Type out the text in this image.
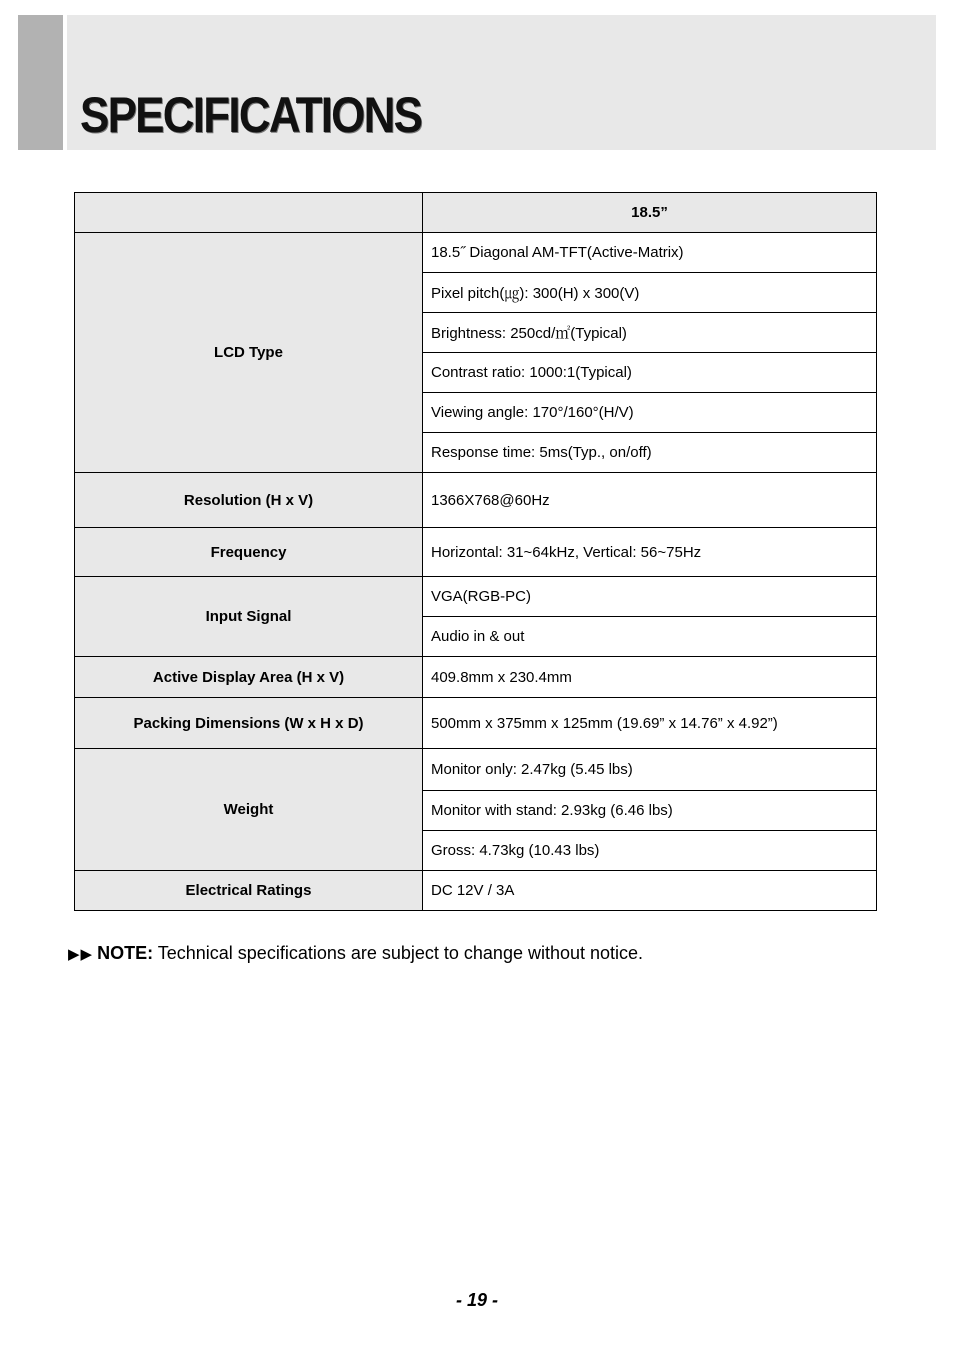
SPECIFICATIONS
	18.5”
LCD Type	18.5˝ Diagonal AM-TFT(Active-Matrix)
	Pixel pitch(㎍): 300(H) x 300(V)
	Brightness: 250cd/㎡(Typical)
	Contrast ratio: 1000:1(Typical)
	Viewing angle: 170°/160°(H/V)
	Response time: 5ms(Typ., on/off)
Resolution (H x V)	1366X768@60Hz
Frequency	Horizontal: 31~64kHz, Vertical: 56~75Hz
Input Signal	VGA(RGB-PC)
	Audio in & out
Active Display Area (H x V)	409.8mm x 230.4mm
Packing Dimensions (W x H x D)	500mm x 375mm x 125mm (19.69” x 14.76” x 4.92”)
Weight	Monitor only: 2.47kg (5.45 lbs)
	Monitor with stand: 2.93kg (6.46 lbs)
	Gross: 4.73kg (10.43 lbs)
Electrical Ratings	DC 12V / 3A
▶▶ NOTE: Technical specifications are subject to change without notice.
- 19 -
